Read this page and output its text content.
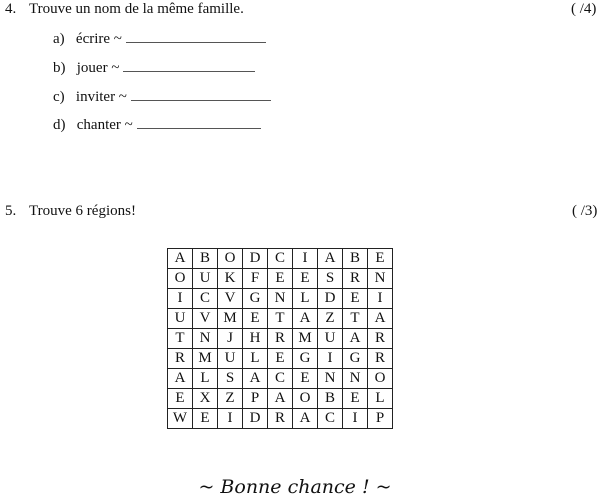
4. Trouve un nom de la même famille.	( /4)
a) écrire ~
b) jouer ~
c) inviter ~
d) chanter ~
5. Trouve 6 régions!	( /3)
A	B	O	D	C	I	A	B	E
O	U	K	F	E	E	S	R	N
I	C	V	G	N	L	D	E	I
U	V	M	E	T	A	Z	T	A
T	N	J	H	R	M	U	A	R
R	M	U	L	E	G	I	G	R
A	L	S	A	C	E	N	N	O
E	X	Z	P	A	O	B	E	L
W	E	I	D	R	A	C	I	P
~ Bonne chance ! ~
